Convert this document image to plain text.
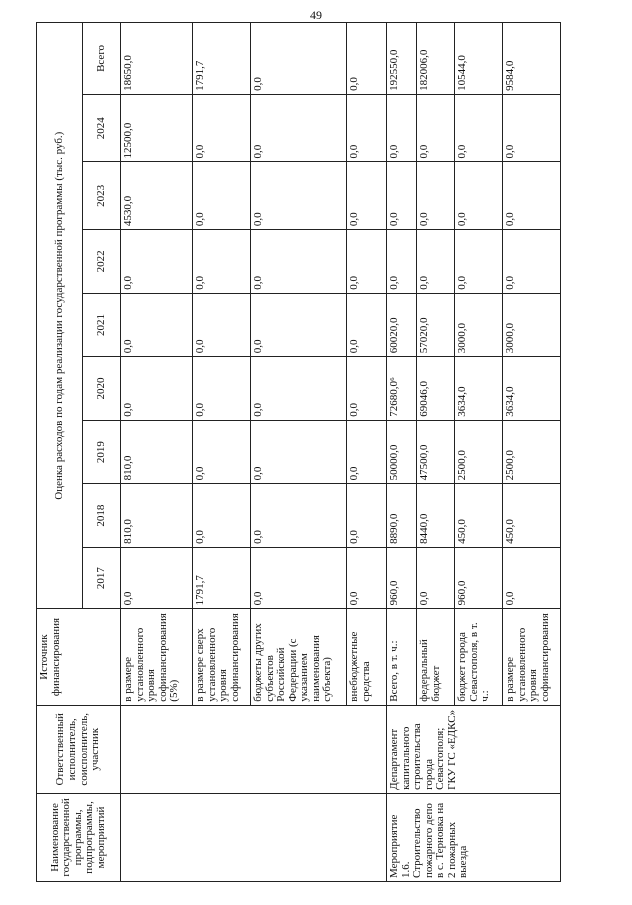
49
Наименование государственной программы, подпрограммы, мероприятий	Ответственный исполнитель, соисполнитель, участник	Источник финансирования	Оценка расходов по годам реализации государственной программы (тыс. руб.)								
			2017	2018	2019	2020	2021	2022	2023	2024	Всего
		в размере установленного уровня софинансирования (5%)	0,0	810,0	810,0	0,0	0,0	0,0	4530,0	12500,0	18650,0
		в размере сверх установленного уровня софинансирования	1791,7	0,0	0,0	0,0	0,0	0,0	0,0	0,0	1791,7
		бюджеты других субъектов Российской Федерации (с указанием наименования субъекта)	0,0	0,0	0,0	0,0	0,0	0,0	0,0	0,0	0,0
		внебюджетные средства	0,0	0,0	0,0	0,0	0,0	0,0	0,0	0,0	0,0
Мероприятие 1.6. Строительство пожарного депо в с. Терновка на 2 пожарных выезда	Департамент капитального строительства города Севастополя; ГКУ ГС «ЕДКС»	Всего, в т. ч.:	960,0	8890,0	50000,0	72680,0⁶	60020,0	0,0	0,0	0,0	192550,0
		федеральный бюджет	0,0	8440,0	47500,0	69046,0	57020,0	0,0	0,0	0,0	182006,0
		бюджет города Севастополя, в т. ч.:	960,0	450,0	2500,0	3634,0	3000,0	0,0	0,0	0,0	10544,0
		в размере установленного уровня софинансирования	0,0	450,0	2500,0	3634,0	3000,0	0,0	0,0	0,0	9584,0
